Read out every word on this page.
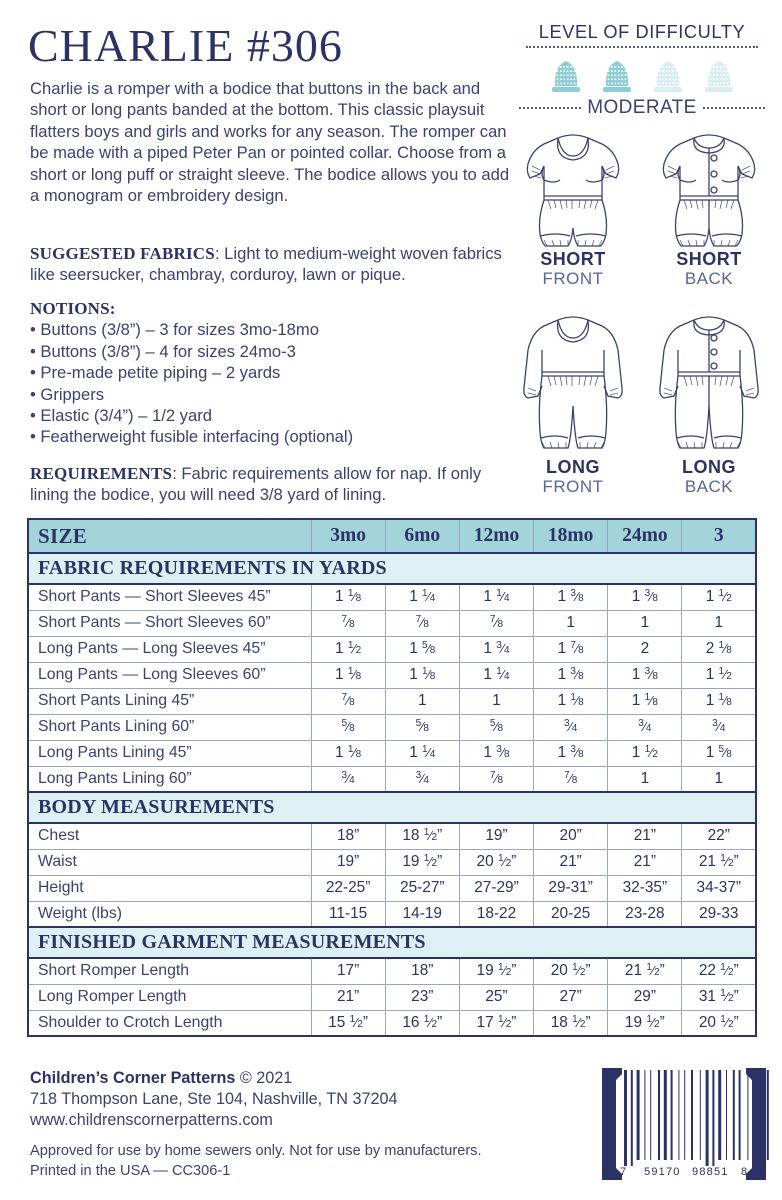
CHARLIE #306
Charlie is a romper with a bodice that buttons in the back and short or long pants banded at the bottom. This classic playsuit flatters boys and girls and works for any season. The romper can be made with a piped Peter Pan or pointed collar. Choose from a short or long puff or straight sleeve. The bodice allows you to add a monogram or embroidery design.
SUGGESTED FABRICS: Light to medium-weight woven fabrics like seersucker, chambray, corduroy, lawn or pique.
NOTIONS:
• Buttons (3/8”) – 3 for sizes 3mo-18mo
• Buttons (3/8”) – 4 for sizes 24mo-3
• Pre-made petite piping – 2 yards
• Grippers
• Elastic (3/4”) – 1/2 yard
• Featherweight fusible interfacing (optional)
REQUIREMENTS: Fabric requirements allow for nap. If only lining the bodice, you will need 3/8 yard of lining.
LEVEL OF DIFFICULTY
MODERATE
SHORT
FRONT
SHORT
BACK
LONG
FRONT
LONG
BACK
SIZE	3mo	6mo	12mo	18mo	24mo	3
FABRIC REQUIREMENTS IN YARDS						
Short Pants — Short Sleeves 45”	1 $^1$⁄8	1 $^1$⁄4	1 $^1$⁄4	1 $^3$⁄8	1 $^3$⁄8	1 $^1$⁄2
Short Pants — Short Sleeves 60”	$^7$⁄8	$^7$⁄8	$^7$⁄8	1	1	1
Long Pants — Long Sleeves 45”	1 $^1$⁄2	1 $^5$⁄8	1 $^3$⁄4	1 $^7$⁄8	2	2 $^1$⁄8
Long Pants — Long Sleeves 60”	1 $^1$⁄8	1 $^1$⁄8	1 $^1$⁄4	1 $^3$⁄8	1 $^3$⁄8	1 $^1$⁄2
Short Pants Lining 45”	$^7$⁄8	1	1	1 $^1$⁄8	1 $^1$⁄8	1 $^1$⁄8
Short Pants Lining 60”	$^5$⁄8	$^5$⁄8	$^5$⁄8	$^3$⁄4	$^3$⁄4	$^3$⁄4
Long Pants Lining 45”	1 $^1$⁄8	1 $^1$⁄4	1 $^3$⁄8	1 $^3$⁄8	1 $^1$⁄2	1 $^5$⁄8
Long Pants Lining 60”	$^3$⁄4	$^3$⁄4	$^7$⁄8	$^7$⁄8	1	1
BODY MEASUREMENTS						
Chest	18”	18 $^1$⁄2”	19”	20”	21”	22”
Waist	19”	19 $^1$⁄2”	20 $^1$⁄2”	21”	21”	21 $^1$⁄2”
Height	22-25”	25-27”	27-29”	29-31”	32-35”	34-37”
Weight (lbs)	11-15	14-19	18-22	20-25	23-28	29-33
FINISHED GARMENT MEASUREMENTS						
Short Romper Length	17”	18”	19 $^1$⁄2”	20 $^1$⁄2”	21 $^1$⁄2”	22 $^1$⁄2”
Long Romper Length	21”	23”	25”	27”	29”	31 $^1$⁄2”
Shoulder to Crotch Length	15 $^1$⁄2”	16 $^1$⁄2”	17 $^1$⁄2”	18 $^1$⁄2”	19 $^1$⁄2”	20 $^1$⁄2”
Children’s Corner Patterns © 2021
718 Thompson Lane, Ste 104, Nashville, TN 37204
www.childrenscornerpatterns.com
Approved for use by home sewers only. Not for use by manufacturers.
Printed in the USA — CC306-1	7 59170 98851 8
